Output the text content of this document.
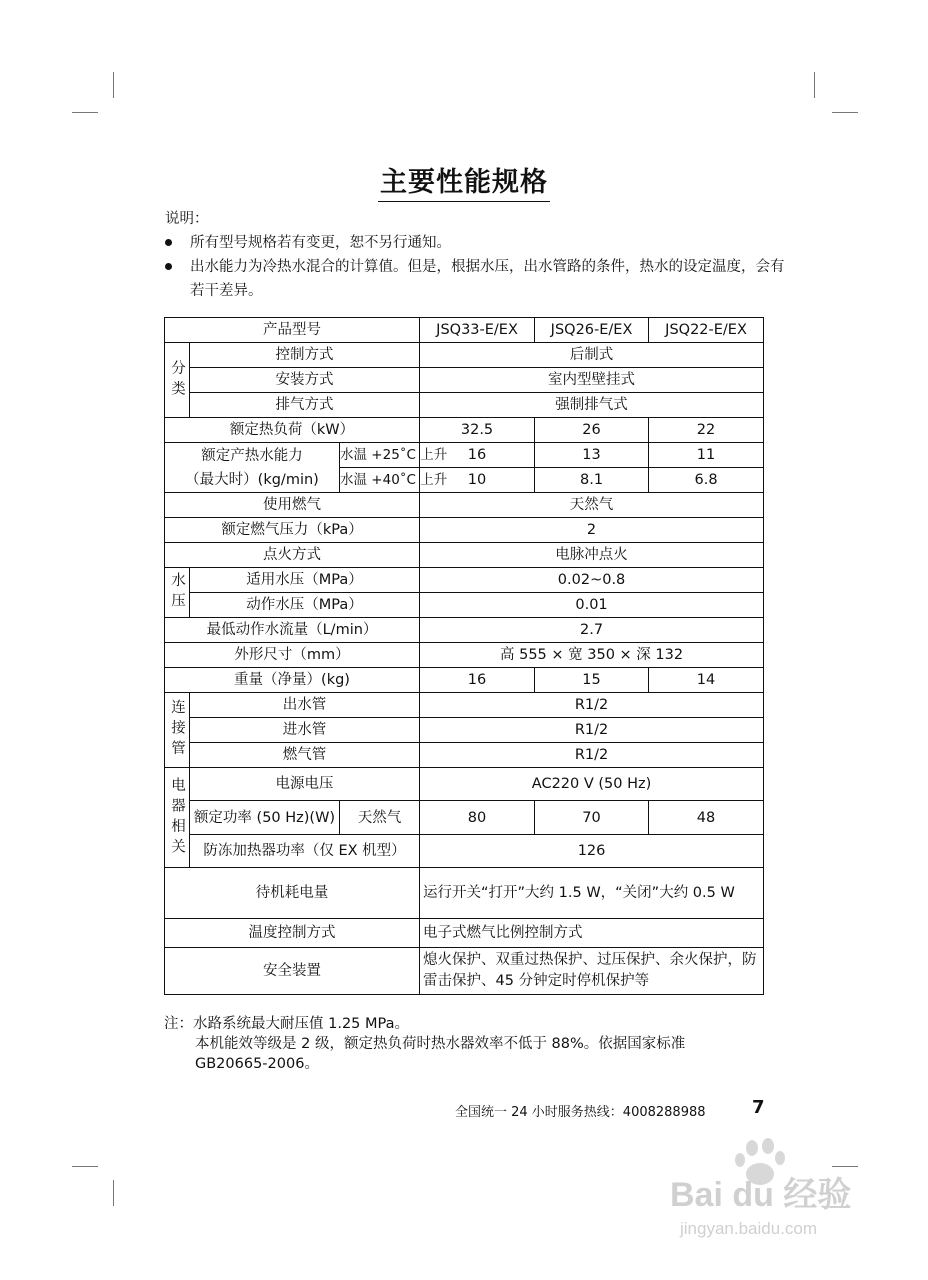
主要性能规格
说明：
所有型号规格若有变更，恕不另行通知。
出水能力为冷热水混合的计算值。但是，根据水压，出水管路的条件，热水的设定温度，会有若干差异。
产品型号			JSQ33-E/EX	JSQ26-E/EX	JSQ22-E/EX
分类	控制方式		后制式		
	安装方式		室内型壁挂式		
	排气方式		强制排气式		
额定热负荷（kW）			32.5	26	22

额定产热水能力
（最大时）(kg/min)		水温 +25˚C 上升	16	13	11
		水温 +40˚C 上升	10	8.1	6.8
使用燃气			天然气		
额定燃气压力（kPa）			2		
点火方式			电脉冲点火		
水压	适用水压（MPa）		0.02~0.8		
	动作水压（MPa）		0.01		
最低动作水流量（L/min）			2.7		
外形尺寸（mm）			高 555 × 宽 350 × 深 132		
重量（净量）(kg)			16	15	14
连接管	出水管		R1/2		
	进水管		R1/2		
	燃气管		R1/2		
电器相关	电源电压		AC220 V (50 Hz)		
	额定功率 (50 Hz)(W)	天然气	80	70	48
	防冻加热器功率（仅 EX 机型）		126		
待机耗电量			运行开关“打开”大约 1.5 W，“关闭”大约 0.5 W		
温度控制方式			电子式燃气比例控制方式		
安全装置			熄火保护、双重过热保护、过压保护、余火保护，防雷击保护、45 分钟定时停机保护等		
注：水路系统最大耐压值 1.25 MPa。
本机能效等级是 2 级，额定热负荷时热水器效率不低于 88%。依据国家标准
GB20665-2006。
全国统一 24 小时服务热线：4008288988	7
Bai du 经验
jingyan.baidu.com
